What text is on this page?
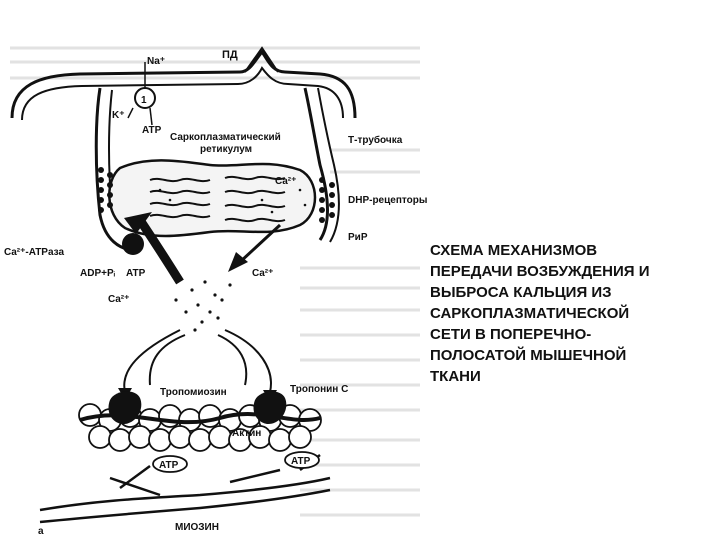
1
ПД
Na⁺
K⁺
ATP
Саркоплазматический
ретикулум
Т-трубочка
Ca²⁺
DHP-рецепторы
PиP
Ca²⁺-ATPаза
ADP+Pᵢ ATP
Ca²⁺
Ca²⁺
Тропомиозин	Тропонин С
Актин
ATP	ATP
МИОЗИН
а
СХЕМА МЕХАНИЗМОВ
ПЕРЕДАЧИ ВОЗБУЖДЕНИЯ И
ВЫБРОСА КАЛЬЦИЯ ИЗ
САРКОПЛАЗМАТИЧЕСКОЙ
СЕТИ В ПОПЕРЕЧНО-
ПОЛОСАТОЙ МЫШЕЧНОЙ
ТКАНИ
